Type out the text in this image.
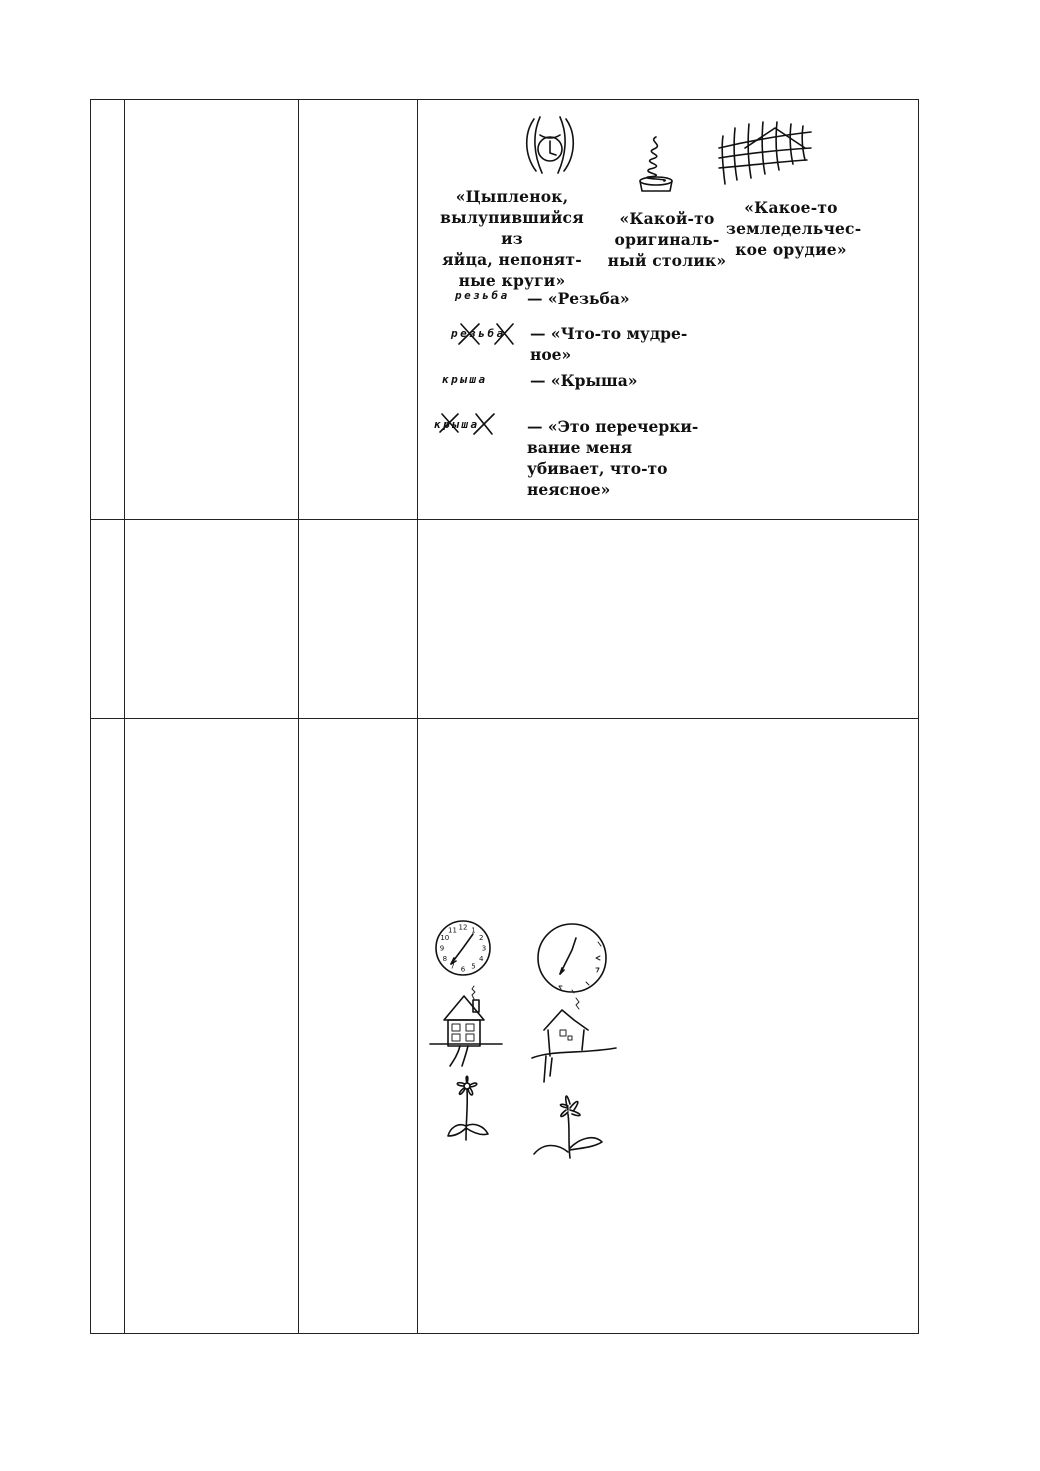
«Цыпленок,
вылупившийся из
яйца, непонят-
ные круги»
«Какой-то
оригиналь-
ный столик»
«Какое-то
земледельчес-
кое орудие»
резьба — «Резьба»
резьба — «Что-то мудре-
ное»
крыша	— «Крыша»
крыша	— «Это перечерки-
вание меня
убивает, что-то
неясное»
12 1
2
3
4
5
6
7
8
9
10
11
